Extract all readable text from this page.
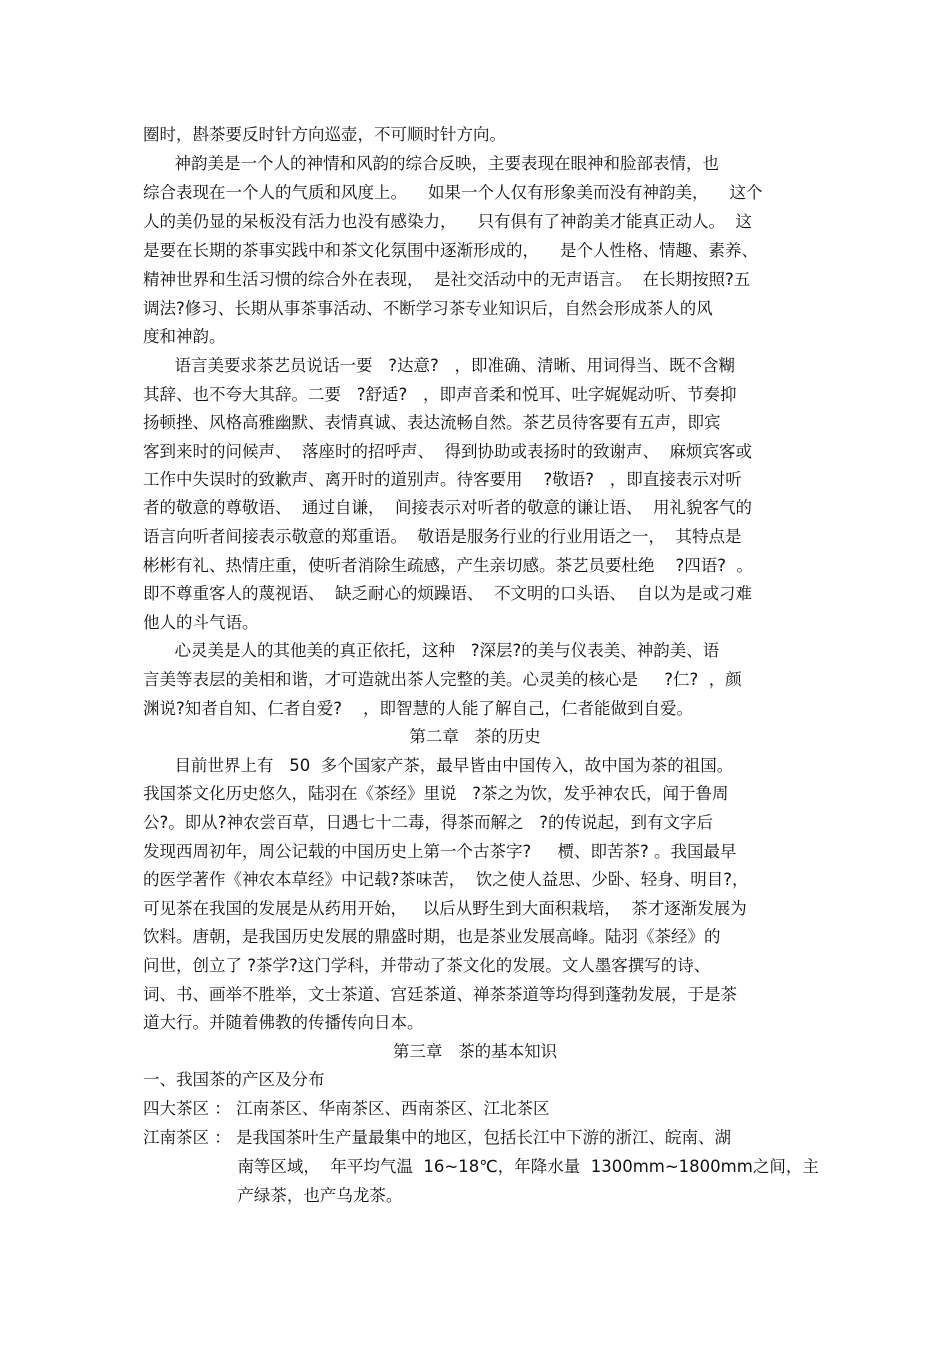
圈时，斟茶要反时针方向巡壶，不可顺时针方向。
神韵美是一个人的神情和风韵的综合反映，主要表现在眼神和脸部表情，也
综合表现在一个人的气质和风度上。    如果一个人仅有形象美而没有神韵美，    这个
人的美仍显的呆板没有活力也没有感染力，    只有俱有了神韵美才能真正动人。  这
是要在长期的茶事实践中和茶文化氛围中逐渐形成的，    是个人性格、情趣、素养、
精神世界和生活习惯的综合外在表现，  是社交活动中的无声语言。  在长期按照?五
调法?修习、长期从事茶事活动、不断学习茶专业知识后，自然会形成茶人的风
度和神韵。
语言美要求茶艺员说话一要   ?达意?   ，即准确、清晰、用词得当、既不含糊
其辞、也不夸大其辞。二要   ?舒适?   ，即声音柔和悦耳、吐字娓娓动听、节奏抑
扬顿挫、风格高雅幽默、表情真诚、表达流畅自然。茶艺员待客要有五声，即宾
客到来时的问候声、  落座时的招呼声、  得到协助或表扬时的致谢声、  麻烦宾客或
工作中失误时的致歉声、离开时的道别声。待客要用    ?敬语?   ，即直接表示对听
者的敬意的尊敬语、  通过自谦，  间接表示对听者的敬意的谦让语、  用礼貌客气的
语言向听者间接表示敬意的郑重语。  敬语是服务行业的行业用语之一，  其特点是
彬彬有礼、热情庄重，使听者消除生疏感，产生亲切感。茶艺员要杜绝    ?四语?  。
即不尊重客人的蔑视语、  缺乏耐心的烦躁语、  不文明的口头语、  自以为是或刁难
他人的斗气语。
心灵美是人的其他美的真正依托，这种   ?深层?的美与仪表美、神韵美、语
言美等表层的美相和谐，才可造就出茶人完整的美。心灵美的核心是     ?仁?  ，颜
渊说?知者自知、仁者自爱?    ，即智慧的人能了解自己，仁者能做到自爱。
第二章   茶的历史
目前世界上有   50  多个国家产茶，最早皆由中国传入，故中国为茶的祖国。
我国茶文化历史悠久，陆羽在《茶经》里说   ?茶之为饮，发乎神农氏，闻于鲁周
公?。即从?神农尝百草，日遇七十二毒，得茶而解之   ?的传说起，到有文字后
发现西周初年，周公记载的中国历史上第一个古茶字?     槚、即苦茶? 。我国最早
的医学著作《神农本草经》中记载?茶味苦，  饮之使人益思、少卧、轻身、明目?，
可见茶在我国的发展是从药用开始，   以后从野生到大面积栽培，  茶才逐渐发展为
饮料。唐朝，是我国历史发展的鼎盛时期，也是茶业发展高峰。陆羽《茶经》的
问世，创立了 ?茶学?这门学科，并带动了茶文化的发展。文人墨客撰写的诗、
词、书、画举不胜举，文士茶道、宫廷茶道、禅茶茶道等均得到蓬勃发展，于是茶
道大行。并随着佛教的传播传向日本。
第三章   茶的基本知识
一、我国茶的产区及分布
四大茶区 ： 江南茶区、华南茶区、西南茶区、江北茶区
江南茶区 ： 是我国茶叶生产量最集中的地区，包括长江中下游的浙江、皖南、湖
南等区域，  年平均气温  16~18℃，年降水量  1300mm~1800mm之间，主
产绿茶，也产乌龙茶。
